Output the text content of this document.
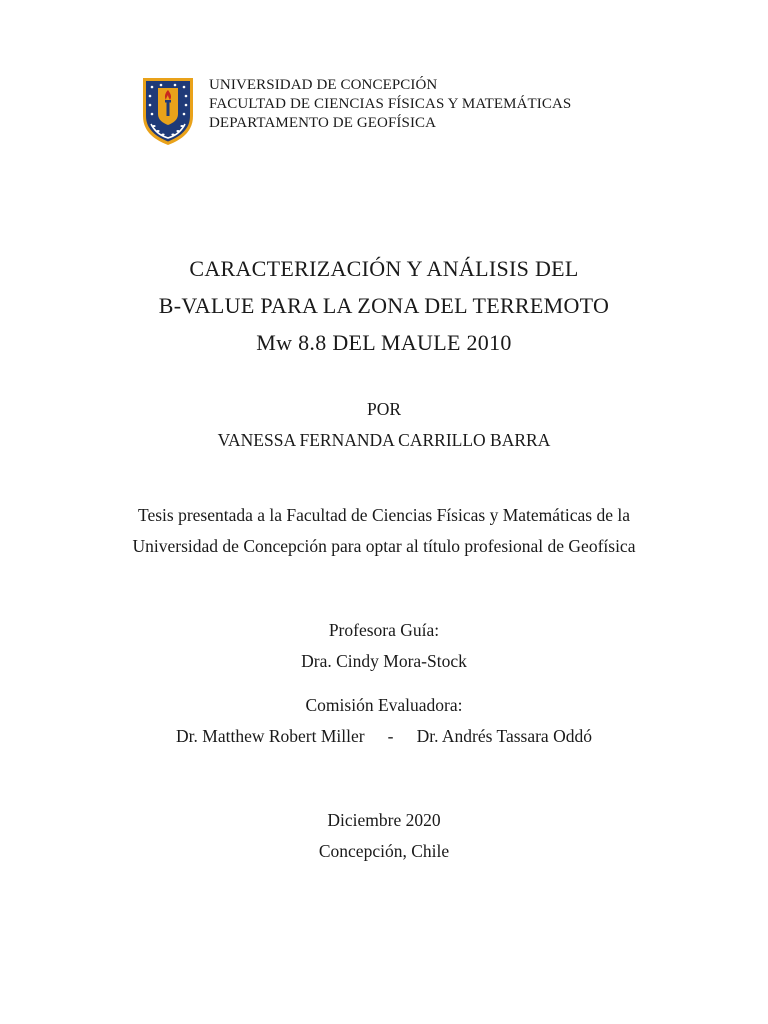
UNIVERSIDAD DE CONCEPCIÓN
FACULTAD DE CIENCIAS FÍSICAS Y MATEMÁTICAS
DEPARTAMENTO DE GEOFÍSICA
CARACTERIZACIÓN Y ANÁLISIS DEL
B-VALUE PARA LA ZONA DEL TERREMOTO
Mw 8.8 DEL MAULE 2010
POR
VANESSA FERNANDA CARRILLO BARRA
Tesis presentada a la Facultad de Ciencias Físicas y Matemáticas de la
Universidad de Concepción para optar al título profesional de Geofísica
Profesora Guía:
Dra. Cindy Mora-Stock
Comisión Evaluadora:
Dr. Matthew Robert Miller	-	Dr. Andrés Tassara Oddó
Diciembre 2020
Concepción, Chile
